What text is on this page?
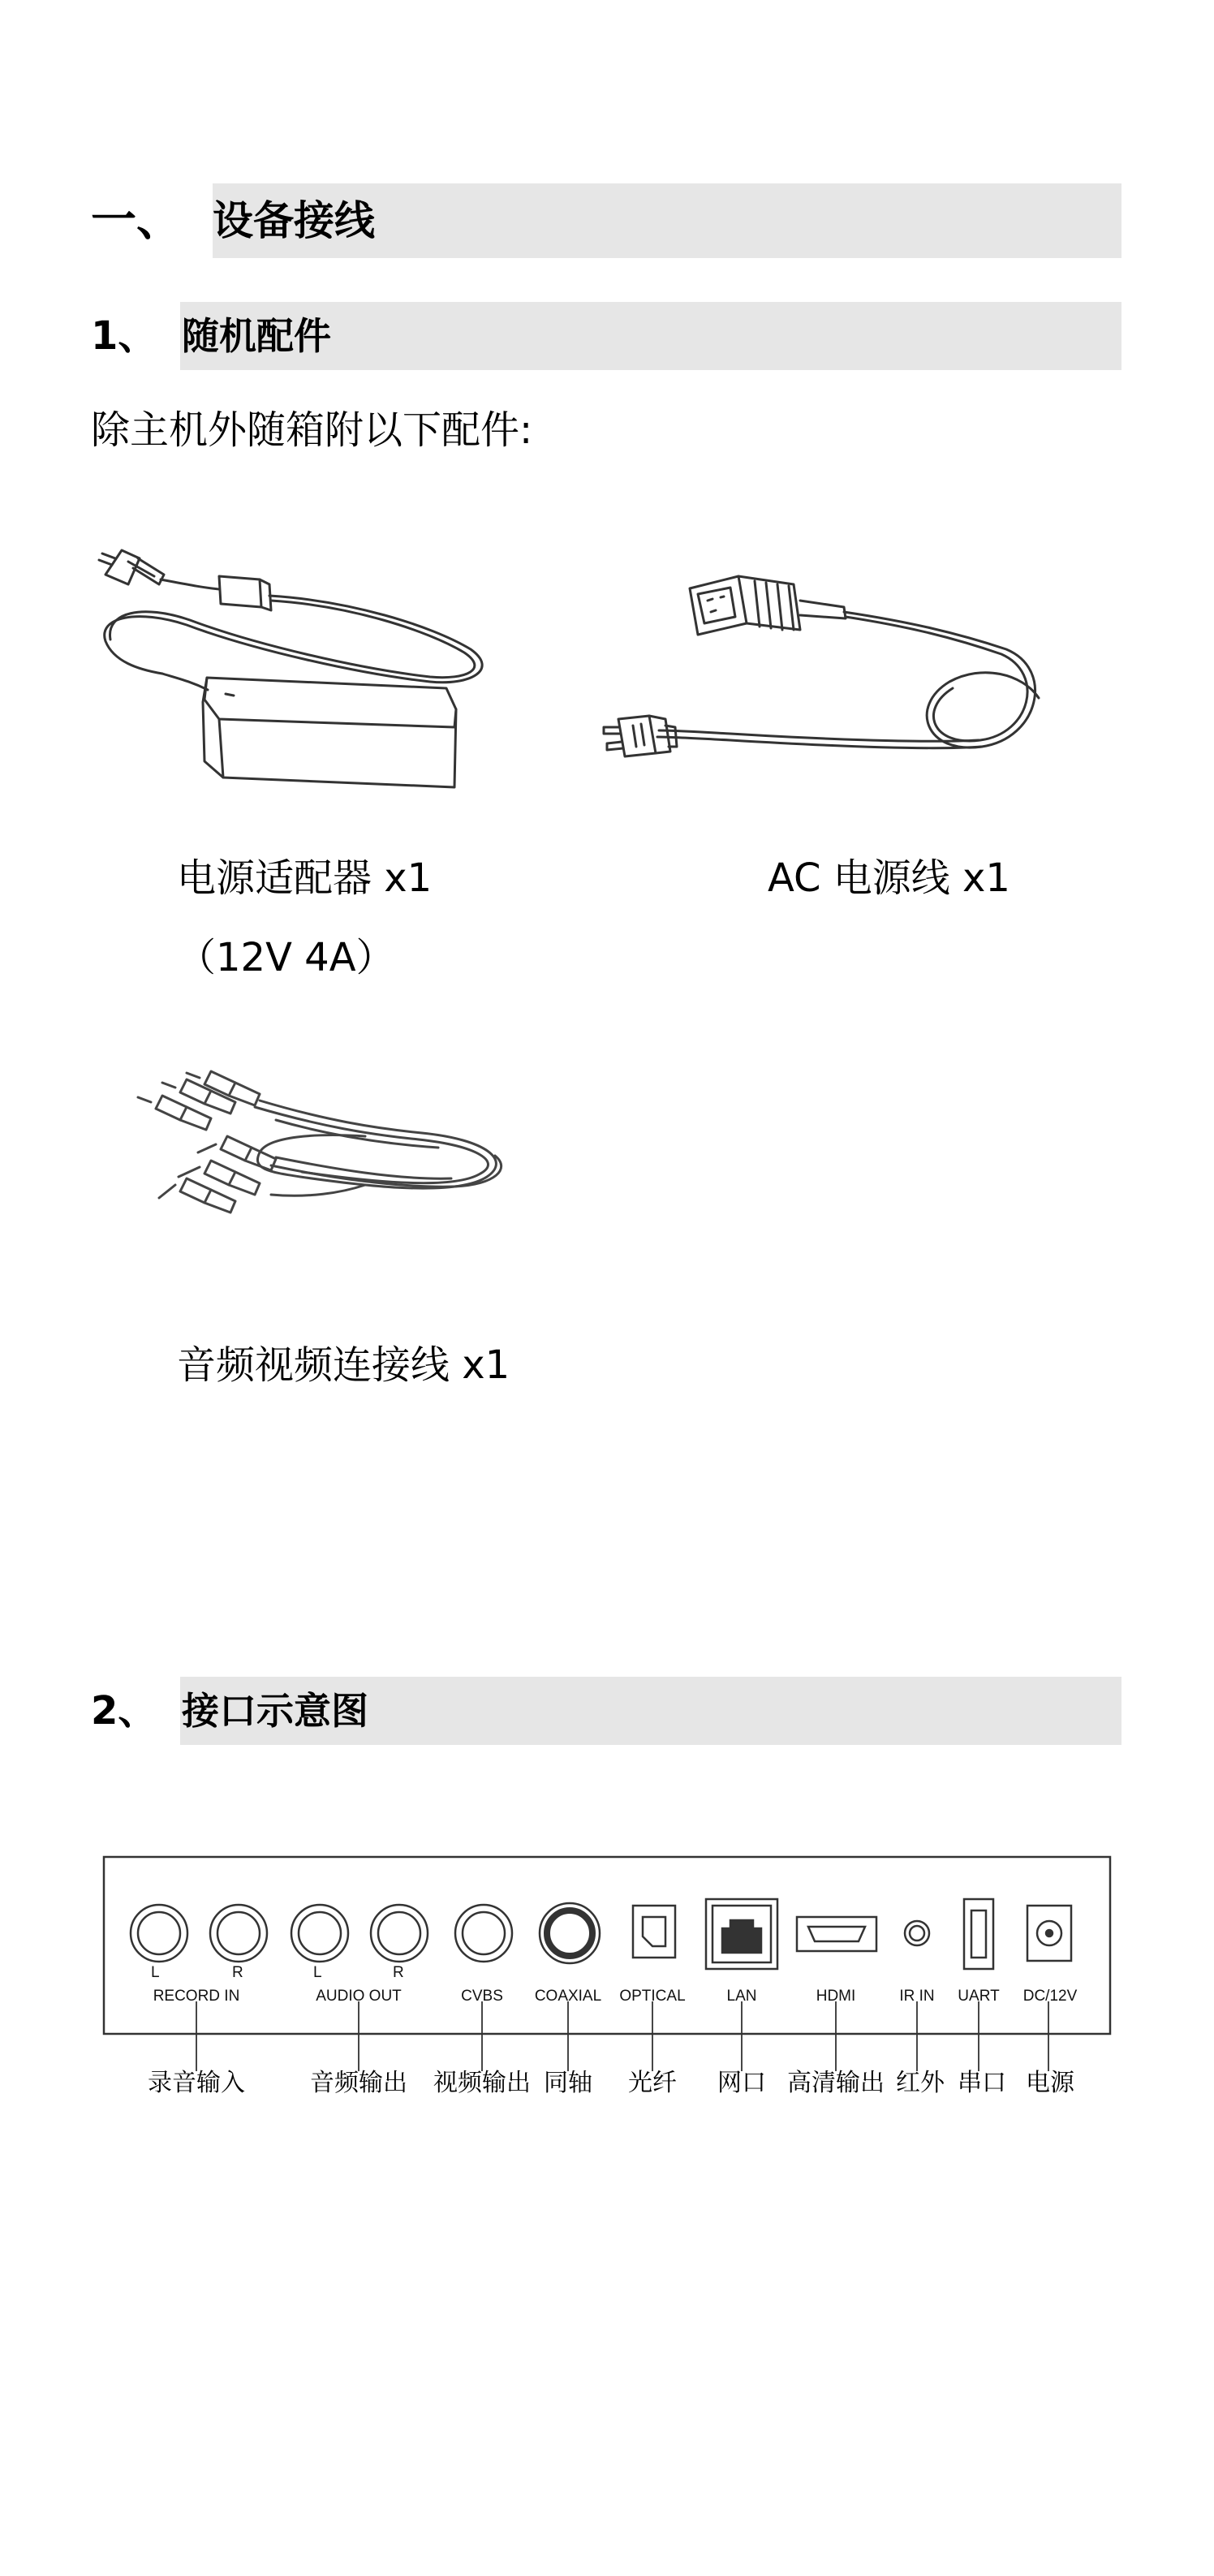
一、 设备接线
1、 随机配件
除主机外随箱附以下配件:
电源适配器 x1
（12V 4A）
AC 电源线 x1
音频视频连接线 x1
2、 接口示意图
L	R	L	R
RECORD IN	AUDIO OUT	CVBS COAXIAL OPTICAL	LAN	HDMI	IR IN UART DC/12V
录音输入	音频输出 视频输出 同轴 光纤 网口 高清输出 红外 串口 电源
